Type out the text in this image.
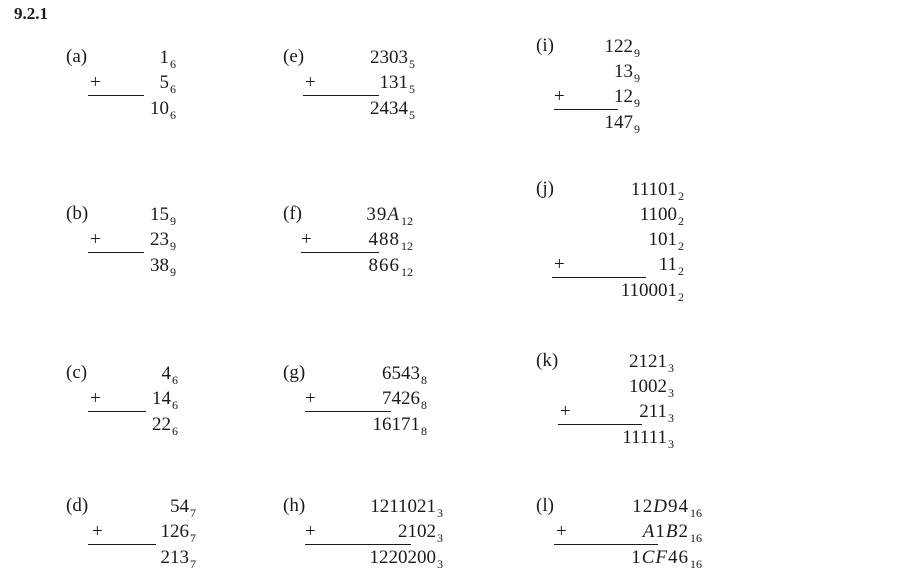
9.2.1
(a)	$1_6$
$5_6$
+
$10_6$
(b)	$15_9$
$23_9$
+
$38_9$
(c)	$4_6$
$14_6$
+
$22_6$
(d)	$54_7$
$126_7$
+
$213_7$
(e)	$2303_5$
$131_5$
+
$2434_5$
(f)	$39A_{12}$
$488_{12}$
+
$866_{12}$
(g)	$6543_8$
$7426_8$
+
$16171_8$
(h)	$1211021_3$
$2102_3$
+
$1220200_3$
(i)	$122_9$
$13_9$
$12_9$
+
$147_9$
(j)	$11101_2$
$1100_2$
$101_2$
$11_2$
+
$110001_2$
(k)	$2121_3$
$1002_3$
$211_3$
+
$11111_3$
(l)	$12D94_{16}$
$A1B2_{16}$
+
$1CF46_{16}$
